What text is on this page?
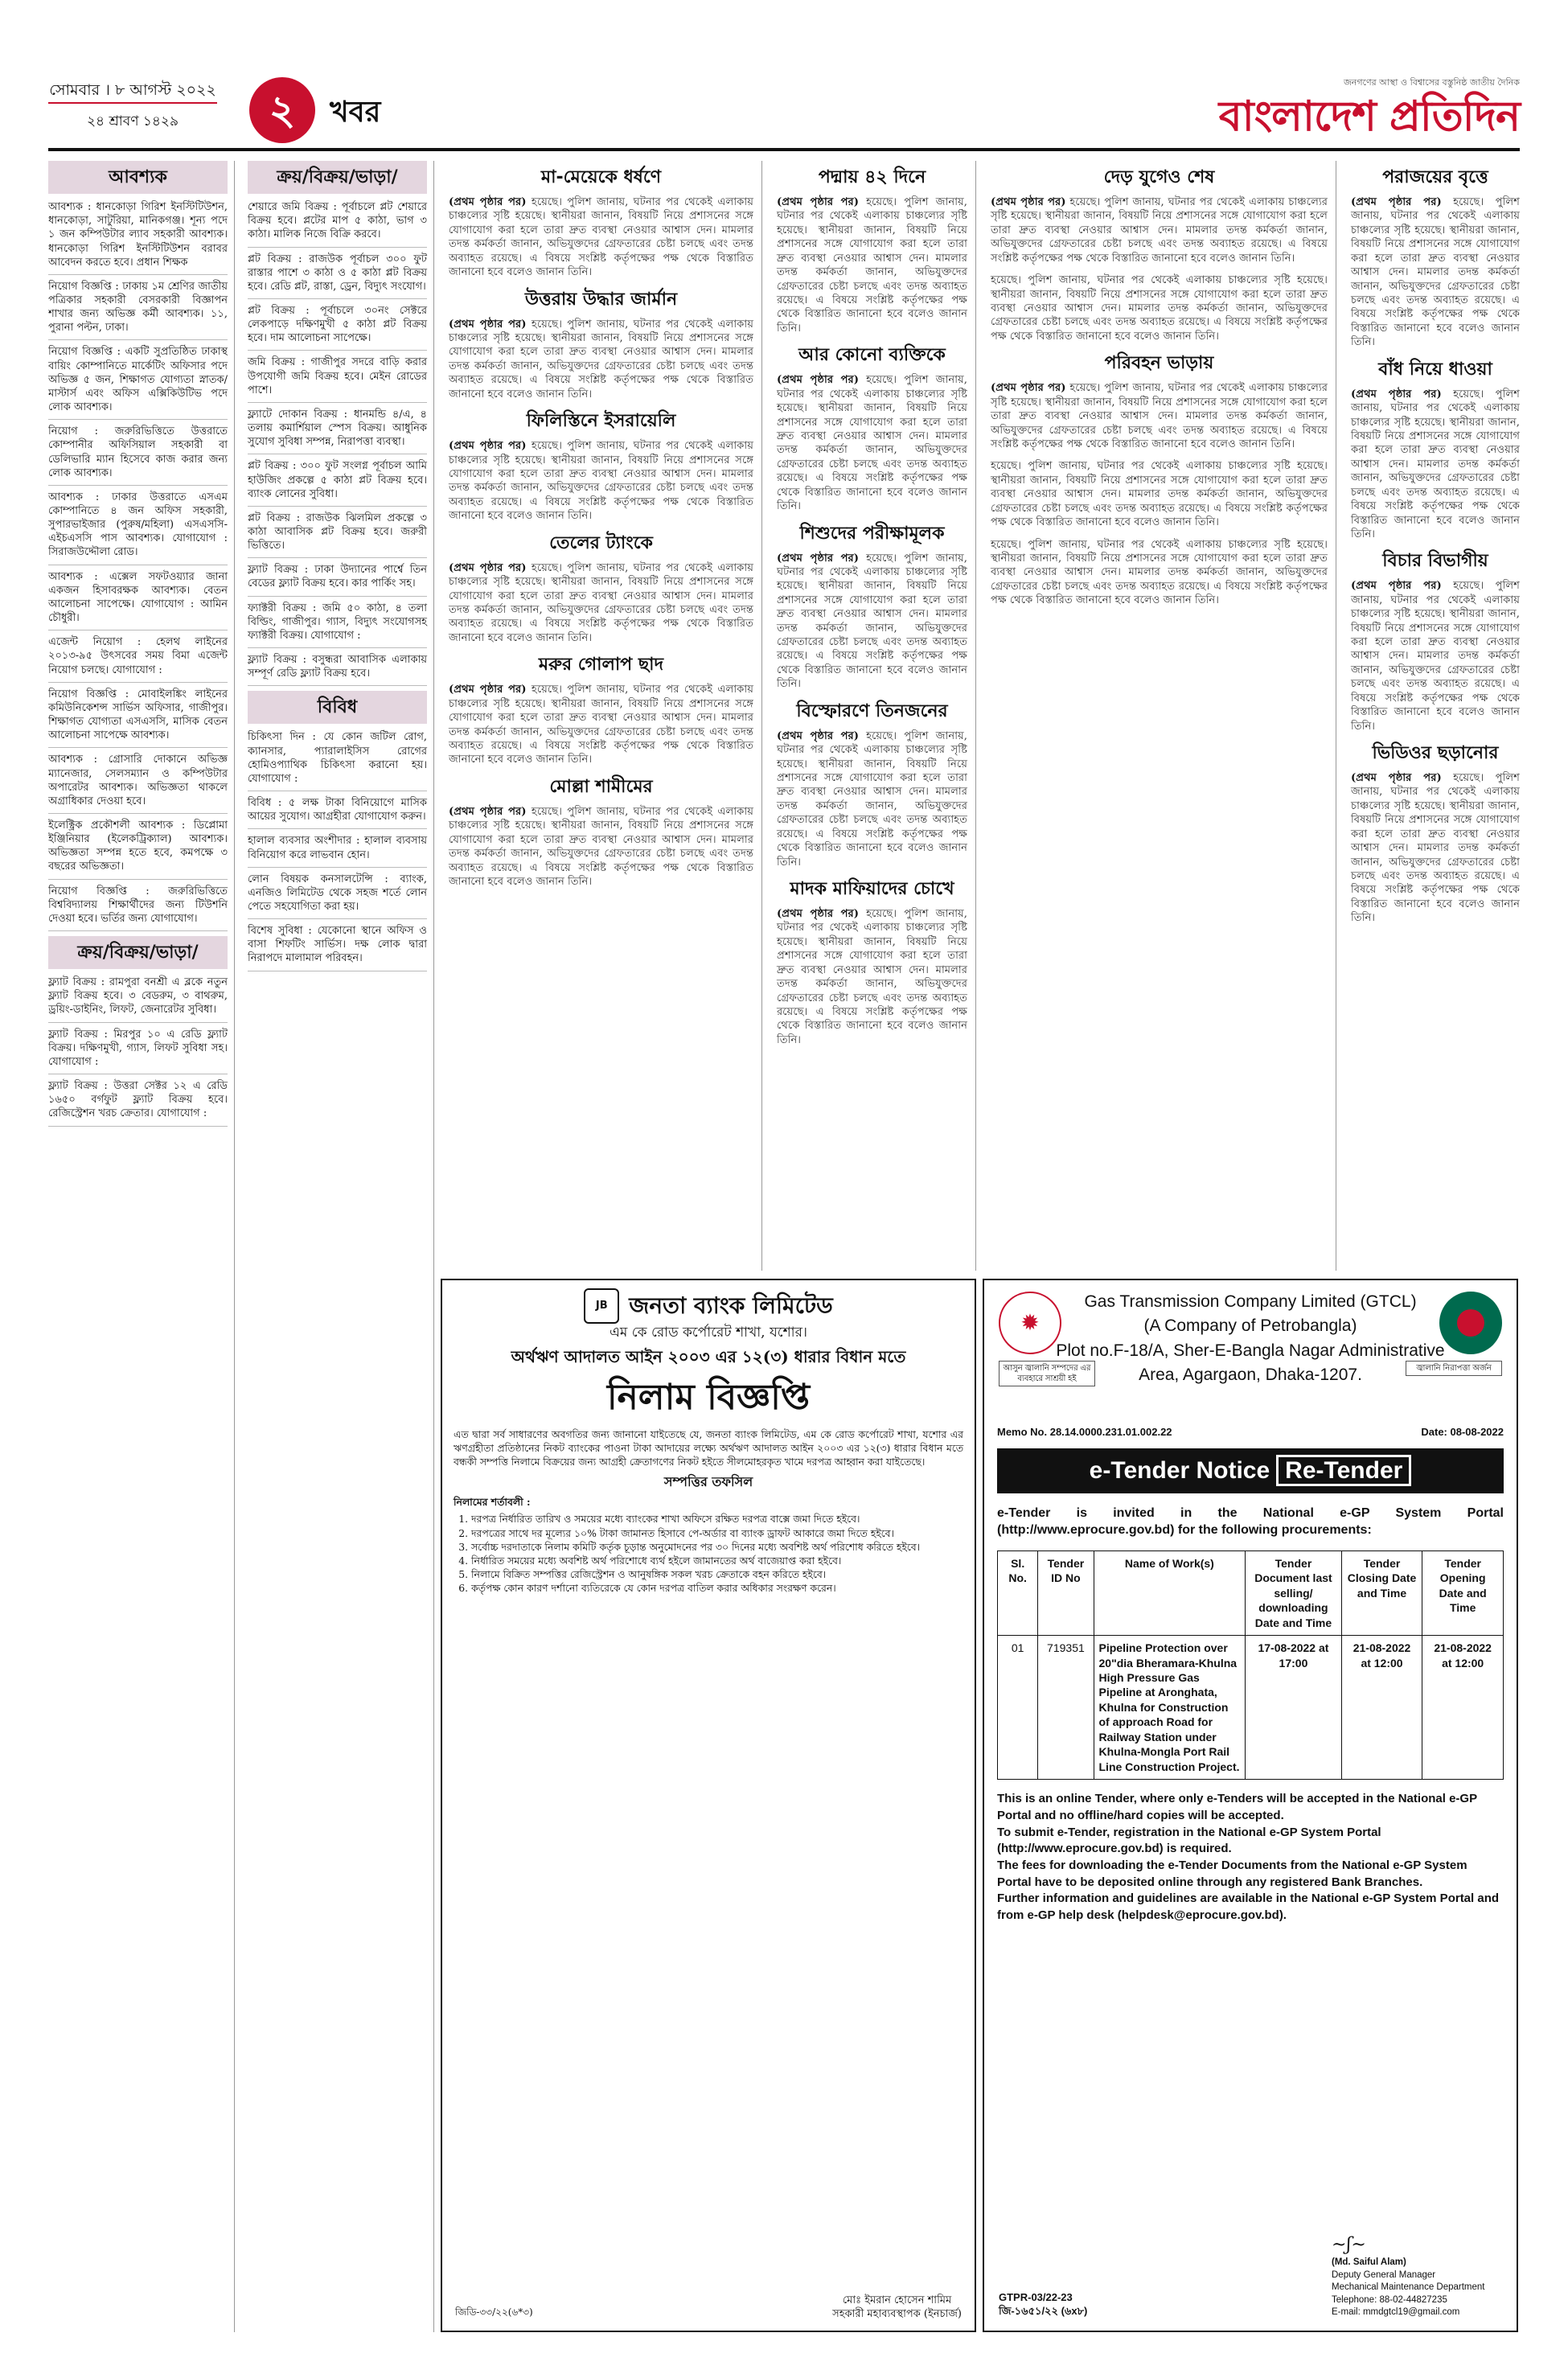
সোমবার । ৮ আগস্ট ২০২২
২৪ শ্রাবণ ১৪২৯	২	খবর
জনগণের আস্থা ও বিশ্বাসের বস্তুনিষ্ঠ জাতীয় দৈনিক
বাংলাদেশ প্রতিদিন
আবশ্যক
আবশ্যক : ধানকোড়া গিরিশ ইনস্টিটিউশন, ধানকোড়া, সাটুরিয়া, মানিকগঞ্জ। শূন্য পদে ১ জন কম্পিউটার ল্যাব সহকারী আবশ্যক। ধানকোড়া গিরিশ ইনস্টিটিউশন বরাবর আবেদন করতে হবে। প্রধান শিক্ষক
নিয়োগ বিজ্ঞপ্তি : ঢাকায় ১ম শ্রেণির জাতীয় পত্রিকার সহকারী বেসরকারী বিজ্ঞাপন শাখার জন্য অভিজ্ঞ কর্মী আবশ্যক। ১১, পুরানা পল্টন, ঢাকা।
নিয়োগ বিজ্ঞপ্তি : একটি সুপ্রতিষ্ঠিত ঢাকাস্থ বায়িং কোম্পানিতে মার্কেটিং অফিসার পদে অভিজ্ঞ ৫ জন, শিক্ষাগত যোগ্যতা স্নাতক/মাস্টার্স এবং অফিস এক্সিকিউটিভ পদে লোক আবশ্যক।
নিয়োগ : জরুরিভিত্তিতে উত্তরাতে কোম্পানীর অফিসিয়াল সহকারী বা ডেলিভারি ম্যান হিসেবে কাজ করার জন্য লোক আবশ্যক।
আবশ্যক : ঢাকার উত্তরাতে এসএম কোম্পানিতে ৪ জন অফিস সহকারী, সুপারভাইজার (পুরুষ/মহিলা) এসএসসি-এইচএসসি পাস আবশ্যক। যোগাযোগ : সিরাজউদ্দৌলা রোড।
আবশ্যক : এক্সেল সফটওয়্যার জানা একজন হিসাবরক্ষক আবশ্যক। বেতন আলোচনা সাপেক্ষে। যোগাযোগ : আমিন চৌধুরী।
এজেন্ট নিয়োগ : হেলথ লাইনের ২০১৩-৯৫ উৎসবের সময় বিমা এজেন্ট নিয়োগ চলছে। যোগাযোগ :
নিয়োগ বিজ্ঞপ্তি : মোবাইলঙ্কিং লাইনের কমিউনিকেশন্স সার্ভিস অফিসার, গাজীপুর। শিক্ষাগত যোগ্যতা এসএসসি, মাসিক বেতন আলোচনা সাপেক্ষে আবশ্যক।
আবশ্যক : গ্রোসারি দোকানে অভিজ্ঞ ম্যানেজার, সেলসম্যান ও কম্পিউটার অপারেটর আবশ্যক। অভিজ্ঞতা থাকলে অগ্রাধিকার দেওয়া হবে।
ইলেক্ট্রিক প্রকৌশলী আবশ্যক : ডিপ্লোমা ইঞ্জিনিয়ার (ইলেকট্রিক্যাল) আবশ্যক। অভিজ্ঞতা সম্পন্ন হতে হবে, কমপক্ষে ৩ বছরের অভিজ্ঞতা।
নিয়োগ বিজ্ঞপ্তি : জরুরিভিত্তিতে বিশ্ববিদ্যালয় শিক্ষার্থীদের জন্য টিউশনি দেওয়া হবে। ভর্তির জন্য যোগাযোগ।
ক্রয়/বিক্রয়/ভাড়া/
ফ্ল্যাট বিক্রয় : রামপুরা বনশ্রী এ ব্লকে নতুন ফ্ল্যাট বিক্রয় হবে। ৩ বেডরুম, ৩ বাথরুম, ড্রয়িং-ডাইনিং, লিফট, জেনারেটর সুবিধা।
ফ্ল্যাট বিক্রয় : মিরপুর ১০ এ রেডি ফ্ল্যাট বিক্রয়। দক্ষিণমুখী, গ্যাস, লিফট সুবিধা সহ। যোগাযোগ :
ফ্ল্যাট বিক্রয় : উত্তরা সেক্টর ১২ এ রেডি ১৬৫০ বর্গফুট ফ্ল্যাট বিক্রয় হবে। রেজিস্ট্রেশন খরচ ক্রেতার। যোগাযোগ :
ক্রয়/বিক্রয়/ভাড়া/
শেয়ারে জমি বিক্রয় : পূর্বাচলে প্লট শেয়ারে বিক্রয় হবে। প্লটের মাপ ৫ কাঠা, ভাগ ৩ কাঠা। মালিক নিজে বিক্রি করবে।
প্লট বিক্রয় : রাজউক পূর্বাচল ৩০০ ফুট রাস্তার পাশে ৩ কাঠা ও ৫ কাঠা প্লট বিক্রয় হবে। রেডি প্লট, রাস্তা, ড্রেন, বিদ্যুৎ সংযোগ।
প্লট বিক্রয় : পূর্বাচলে ৩০নং সেক্টরে লেকপাড়ে দক্ষিণমুখী ৫ কাঠা প্লট বিক্রয় হবে। দাম আলোচনা সাপেক্ষে।
জমি বিক্রয় : গাজীপুর সদরে বাড়ি করার উপযোগী জমি বিক্রয় হবে। মেইন রোডের পাশে।
ফ্ল্যাটে দোকান বিক্রয় : ধানমন্ডি ৪/এ, ৪ তলায় কমার্শিয়াল স্পেস বিক্রয়। আধুনিক সুযোগ সুবিধা সম্পন্ন, নিরাপত্তা ব্যবস্থা।
প্লট বিক্রয় : ৩০০ ফুট সংলগ্ন পূর্বাচল আমি হাউজিং প্রকল্পে ৫ কাঠা প্লট বিক্রয় হবে। ব্যাংক লোনের সুবিধা।
প্লট বিক্রয় : রাজউক ঝিলমিল প্রকল্পে ৩ কাঠা আবাসিক প্লট বিক্রয় হবে। জরুরী ভিত্তিতে।
ফ্ল্যাট বিক্রয় : ঢাকা উদ্যানের পার্শ্বে তিন বেডের ফ্ল্যাট বিক্রয় হবে। কার পার্কিং সহ।
ফ্যাক্টরী বিক্রয় : জমি ৫০ কাঠা, ৪ তলা বিল্ডিং, গাজীপুর। গ্যাস, বিদ্যুৎ সংযোগসহ ফ্যাক্টরী বিক্রয়। যোগাযোগ :
ফ্ল্যাট বিক্রয় : বসুন্ধরা আবাসিক এলাকায় সম্পূর্ণ রেডি ফ্ল্যাট বিক্রয় হবে।
বিবিধ
চিকিৎসা দিন : যে কোন জটিল রোগ, ক্যানসার, প্যারালাইসিস রোগের হোমিওপ্যাথিক চিকিৎসা করানো হয়। যোগাযোগ :
বিবিধ : ৫ লক্ষ টাকা বিনিয়োগে মাসিক আয়ের সুযোগ। আগ্রহীরা যোগাযোগ করুন।
হালাল ব্যবসার অংশীদার : হালাল ব্যবসায় বিনিয়োগ করে লাভবান হোন।
লোন বিষয়ক কনসালটেন্সি : ব্যাংক, এনজিও লিমিটেড থেকে সহজ শর্তে লোন পেতে সহযোগিতা করা হয়।
বিশেষ সুবিধা : যেকোনো স্থানে অফিস ও বাসা শিফটিং সার্ভিস। দক্ষ লোক দ্বারা নিরাপদে মালামাল পরিবহন।
মা-মেয়েকে ধর্ষণে
(প্রথম পৃষ্ঠার পর) হয়েছে। পুলিশ জানায়, ঘটনার পর থেকেই এলাকায় চাঞ্চল্যের সৃষ্টি হয়েছে। স্থানীয়রা জানান, বিষয়টি নিয়ে প্রশাসনের সঙ্গে যোগাযোগ করা হলে তারা দ্রুত ব্যবস্থা নেওয়ার আশ্বাস দেন। মামলার তদন্ত কর্মকর্তা জানান, অভিযুক্তদের গ্রেফতারের চেষ্টা চলছে এবং তদন্ত অব্যাহত রয়েছে। এ বিষয়ে সংশ্লিষ্ট কর্তৃপক্ষের পক্ষ থেকে বিস্তারিত জানানো হবে বলেও জানান তিনি।
উত্তরায় উদ্ধার জার্মান
(প্রথম পৃষ্ঠার পর) হয়েছে। পুলিশ জানায়, ঘটনার পর থেকেই এলাকায় চাঞ্চল্যের সৃষ্টি হয়েছে। স্থানীয়রা জানান, বিষয়টি নিয়ে প্রশাসনের সঙ্গে যোগাযোগ করা হলে তারা দ্রুত ব্যবস্থা নেওয়ার আশ্বাস দেন। মামলার তদন্ত কর্মকর্তা জানান, অভিযুক্তদের গ্রেফতারের চেষ্টা চলছে এবং তদন্ত অব্যাহত রয়েছে। এ বিষয়ে সংশ্লিষ্ট কর্তৃপক্ষের পক্ষ থেকে বিস্তারিত জানানো হবে বলেও জানান তিনি।
ফিলিস্তিনে ইসরায়েলি
(প্রথম পৃষ্ঠার পর) হয়েছে। পুলিশ জানায়, ঘটনার পর থেকেই এলাকায় চাঞ্চল্যের সৃষ্টি হয়েছে। স্থানীয়রা জানান, বিষয়টি নিয়ে প্রশাসনের সঙ্গে যোগাযোগ করা হলে তারা দ্রুত ব্যবস্থা নেওয়ার আশ্বাস দেন। মামলার তদন্ত কর্মকর্তা জানান, অভিযুক্তদের গ্রেফতারের চেষ্টা চলছে এবং তদন্ত অব্যাহত রয়েছে। এ বিষয়ে সংশ্লিষ্ট কর্তৃপক্ষের পক্ষ থেকে বিস্তারিত জানানো হবে বলেও জানান তিনি।
তেলের ট্যাংকে
(প্রথম পৃষ্ঠার পর) হয়েছে। পুলিশ জানায়, ঘটনার পর থেকেই এলাকায় চাঞ্চল্যের সৃষ্টি হয়েছে। স্থানীয়রা জানান, বিষয়টি নিয়ে প্রশাসনের সঙ্গে যোগাযোগ করা হলে তারা দ্রুত ব্যবস্থা নেওয়ার আশ্বাস দেন। মামলার তদন্ত কর্মকর্তা জানান, অভিযুক্তদের গ্রেফতারের চেষ্টা চলছে এবং তদন্ত অব্যাহত রয়েছে। এ বিষয়ে সংশ্লিষ্ট কর্তৃপক্ষের পক্ষ থেকে বিস্তারিত জানানো হবে বলেও জানান তিনি।
মরুর গোলাপ ছাদ
(প্রথম পৃষ্ঠার পর) হয়েছে। পুলিশ জানায়, ঘটনার পর থেকেই এলাকায় চাঞ্চল্যের সৃষ্টি হয়েছে। স্থানীয়রা জানান, বিষয়টি নিয়ে প্রশাসনের সঙ্গে যোগাযোগ করা হলে তারা দ্রুত ব্যবস্থা নেওয়ার আশ্বাস দেন। মামলার তদন্ত কর্মকর্তা জানান, অভিযুক্তদের গ্রেফতারের চেষ্টা চলছে এবং তদন্ত অব্যাহত রয়েছে। এ বিষয়ে সংশ্লিষ্ট কর্তৃপক্ষের পক্ষ থেকে বিস্তারিত জানানো হবে বলেও জানান তিনি।
মোল্লা শামীমের
(প্রথম পৃষ্ঠার পর) হয়েছে। পুলিশ জানায়, ঘটনার পর থেকেই এলাকায় চাঞ্চল্যের সৃষ্টি হয়েছে। স্থানীয়রা জানান, বিষয়টি নিয়ে প্রশাসনের সঙ্গে যোগাযোগ করা হলে তারা দ্রুত ব্যবস্থা নেওয়ার আশ্বাস দেন। মামলার তদন্ত কর্মকর্তা জানান, অভিযুক্তদের গ্রেফতারের চেষ্টা চলছে এবং তদন্ত অব্যাহত রয়েছে। এ বিষয়ে সংশ্লিষ্ট কর্তৃপক্ষের পক্ষ থেকে বিস্তারিত জানানো হবে বলেও জানান তিনি।
পদ্মায় ৪২ দিনে
(প্রথম পৃষ্ঠার পর) হয়েছে। পুলিশ জানায়, ঘটনার পর থেকেই এলাকায় চাঞ্চল্যের সৃষ্টি হয়েছে। স্থানীয়রা জানান, বিষয়টি নিয়ে প্রশাসনের সঙ্গে যোগাযোগ করা হলে তারা দ্রুত ব্যবস্থা নেওয়ার আশ্বাস দেন। মামলার তদন্ত কর্মকর্তা জানান, অভিযুক্তদের গ্রেফতারের চেষ্টা চলছে এবং তদন্ত অব্যাহত রয়েছে। এ বিষয়ে সংশ্লিষ্ট কর্তৃপক্ষের পক্ষ থেকে বিস্তারিত জানানো হবে বলেও জানান তিনি।
আর কোনো ব্যক্তিকে
(প্রথম পৃষ্ঠার পর) হয়েছে। পুলিশ জানায়, ঘটনার পর থেকেই এলাকায় চাঞ্চল্যের সৃষ্টি হয়েছে। স্থানীয়রা জানান, বিষয়টি নিয়ে প্রশাসনের সঙ্গে যোগাযোগ করা হলে তারা দ্রুত ব্যবস্থা নেওয়ার আশ্বাস দেন। মামলার তদন্ত কর্মকর্তা জানান, অভিযুক্তদের গ্রেফতারের চেষ্টা চলছে এবং তদন্ত অব্যাহত রয়েছে। এ বিষয়ে সংশ্লিষ্ট কর্তৃপক্ষের পক্ষ থেকে বিস্তারিত জানানো হবে বলেও জানান তিনি।
শিশুদের পরীক্ষামূলক
(প্রথম পৃষ্ঠার পর) হয়েছে। পুলিশ জানায়, ঘটনার পর থেকেই এলাকায় চাঞ্চল্যের সৃষ্টি হয়েছে। স্থানীয়রা জানান, বিষয়টি নিয়ে প্রশাসনের সঙ্গে যোগাযোগ করা হলে তারা দ্রুত ব্যবস্থা নেওয়ার আশ্বাস দেন। মামলার তদন্ত কর্মকর্তা জানান, অভিযুক্তদের গ্রেফতারের চেষ্টা চলছে এবং তদন্ত অব্যাহত রয়েছে। এ বিষয়ে সংশ্লিষ্ট কর্তৃপক্ষের পক্ষ থেকে বিস্তারিত জানানো হবে বলেও জানান তিনি।
বিস্ফোরণে তিনজনের
(প্রথম পৃষ্ঠার পর) হয়েছে। পুলিশ জানায়, ঘটনার পর থেকেই এলাকায় চাঞ্চল্যের সৃষ্টি হয়েছে। স্থানীয়রা জানান, বিষয়টি নিয়ে প্রশাসনের সঙ্গে যোগাযোগ করা হলে তারা দ্রুত ব্যবস্থা নেওয়ার আশ্বাস দেন। মামলার তদন্ত কর্মকর্তা জানান, অভিযুক্তদের গ্রেফতারের চেষ্টা চলছে এবং তদন্ত অব্যাহত রয়েছে। এ বিষয়ে সংশ্লিষ্ট কর্তৃপক্ষের পক্ষ থেকে বিস্তারিত জানানো হবে বলেও জানান তিনি।
মাদক মাফিয়াদের চোখে
(প্রথম পৃষ্ঠার পর) হয়েছে। পুলিশ জানায়, ঘটনার পর থেকেই এলাকায় চাঞ্চল্যের সৃষ্টি হয়েছে। স্থানীয়রা জানান, বিষয়টি নিয়ে প্রশাসনের সঙ্গে যোগাযোগ করা হলে তারা দ্রুত ব্যবস্থা নেওয়ার আশ্বাস দেন। মামলার তদন্ত কর্মকর্তা জানান, অভিযুক্তদের গ্রেফতারের চেষ্টা চলছে এবং তদন্ত অব্যাহত রয়েছে। এ বিষয়ে সংশ্লিষ্ট কর্তৃপক্ষের পক্ষ থেকে বিস্তারিত জানানো হবে বলেও জানান তিনি।
দেড় যুগেও শেষ
(প্রথম পৃষ্ঠার পর) হয়েছে। পুলিশ জানায়, ঘটনার পর থেকেই এলাকায় চাঞ্চল্যের সৃষ্টি হয়েছে। স্থানীয়রা জানান, বিষয়টি নিয়ে প্রশাসনের সঙ্গে যোগাযোগ করা হলে তারা দ্রুত ব্যবস্থা নেওয়ার আশ্বাস দেন। মামলার তদন্ত কর্মকর্তা জানান, অভিযুক্তদের গ্রেফতারের চেষ্টা চলছে এবং তদন্ত অব্যাহত রয়েছে। এ বিষয়ে সংশ্লিষ্ট কর্তৃপক্ষের পক্ষ থেকে বিস্তারিত জানানো হবে বলেও জানান তিনি।
হয়েছে। পুলিশ জানায়, ঘটনার পর থেকেই এলাকায় চাঞ্চল্যের সৃষ্টি হয়েছে। স্থানীয়রা জানান, বিষয়টি নিয়ে প্রশাসনের সঙ্গে যোগাযোগ করা হলে তারা দ্রুত ব্যবস্থা নেওয়ার আশ্বাস দেন। মামলার তদন্ত কর্মকর্তা জানান, অভিযুক্তদের গ্রেফতারের চেষ্টা চলছে এবং তদন্ত অব্যাহত রয়েছে। এ বিষয়ে সংশ্লিষ্ট কর্তৃপক্ষের পক্ষ থেকে বিস্তারিত জানানো হবে বলেও জানান তিনি।
পরিবহন ভাড়ায়
(প্রথম পৃষ্ঠার পর) হয়েছে। পুলিশ জানায়, ঘটনার পর থেকেই এলাকায় চাঞ্চল্যের সৃষ্টি হয়েছে। স্থানীয়রা জানান, বিষয়টি নিয়ে প্রশাসনের সঙ্গে যোগাযোগ করা হলে তারা দ্রুত ব্যবস্থা নেওয়ার আশ্বাস দেন। মামলার তদন্ত কর্মকর্তা জানান, অভিযুক্তদের গ্রেফতারের চেষ্টা চলছে এবং তদন্ত অব্যাহত রয়েছে। এ বিষয়ে সংশ্লিষ্ট কর্তৃপক্ষের পক্ষ থেকে বিস্তারিত জানানো হবে বলেও জানান তিনি।
হয়েছে। পুলিশ জানায়, ঘটনার পর থেকেই এলাকায় চাঞ্চল্যের সৃষ্টি হয়েছে। স্থানীয়রা জানান, বিষয়টি নিয়ে প্রশাসনের সঙ্গে যোগাযোগ করা হলে তারা দ্রুত ব্যবস্থা নেওয়ার আশ্বাস দেন। মামলার তদন্ত কর্মকর্তা জানান, অভিযুক্তদের গ্রেফতারের চেষ্টা চলছে এবং তদন্ত অব্যাহত রয়েছে। এ বিষয়ে সংশ্লিষ্ট কর্তৃপক্ষের পক্ষ থেকে বিস্তারিত জানানো হবে বলেও জানান তিনি।
হয়েছে। পুলিশ জানায়, ঘটনার পর থেকেই এলাকায় চাঞ্চল্যের সৃষ্টি হয়েছে। স্থানীয়রা জানান, বিষয়টি নিয়ে প্রশাসনের সঙ্গে যোগাযোগ করা হলে তারা দ্রুত ব্যবস্থা নেওয়ার আশ্বাস দেন। মামলার তদন্ত কর্মকর্তা জানান, অভিযুক্তদের গ্রেফতারের চেষ্টা চলছে এবং তদন্ত অব্যাহত রয়েছে। এ বিষয়ে সংশ্লিষ্ট কর্তৃপক্ষের পক্ষ থেকে বিস্তারিত জানানো হবে বলেও জানান তিনি।
পরাজয়ের বৃত্তে
(প্রথম পৃষ্ঠার পর) হয়েছে। পুলিশ জানায়, ঘটনার পর থেকেই এলাকায় চাঞ্চল্যের সৃষ্টি হয়েছে। স্থানীয়রা জানান, বিষয়টি নিয়ে প্রশাসনের সঙ্গে যোগাযোগ করা হলে তারা দ্রুত ব্যবস্থা নেওয়ার আশ্বাস দেন। মামলার তদন্ত কর্মকর্তা জানান, অভিযুক্তদের গ্রেফতারের চেষ্টা চলছে এবং তদন্ত অব্যাহত রয়েছে। এ বিষয়ে সংশ্লিষ্ট কর্তৃপক্ষের পক্ষ থেকে বিস্তারিত জানানো হবে বলেও জানান তিনি।
বাঁধ নিয়ে ধাওয়া
(প্রথম পৃষ্ঠার পর) হয়েছে। পুলিশ জানায়, ঘটনার পর থেকেই এলাকায় চাঞ্চল্যের সৃষ্টি হয়েছে। স্থানীয়রা জানান, বিষয়টি নিয়ে প্রশাসনের সঙ্গে যোগাযোগ করা হলে তারা দ্রুত ব্যবস্থা নেওয়ার আশ্বাস দেন। মামলার তদন্ত কর্মকর্তা জানান, অভিযুক্তদের গ্রেফতারের চেষ্টা চলছে এবং তদন্ত অব্যাহত রয়েছে। এ বিষয়ে সংশ্লিষ্ট কর্তৃপক্ষের পক্ষ থেকে বিস্তারিত জানানো হবে বলেও জানান তিনি।
বিচার বিভাগীয়
(প্রথম পৃষ্ঠার পর) হয়েছে। পুলিশ জানায়, ঘটনার পর থেকেই এলাকায় চাঞ্চল্যের সৃষ্টি হয়েছে। স্থানীয়রা জানান, বিষয়টি নিয়ে প্রশাসনের সঙ্গে যোগাযোগ করা হলে তারা দ্রুত ব্যবস্থা নেওয়ার আশ্বাস দেন। মামলার তদন্ত কর্মকর্তা জানান, অভিযুক্তদের গ্রেফতারের চেষ্টা চলছে এবং তদন্ত অব্যাহত রয়েছে। এ বিষয়ে সংশ্লিষ্ট কর্তৃপক্ষের পক্ষ থেকে বিস্তারিত জানানো হবে বলেও জানান তিনি।
ভিডিওর ছড়ানোর
(প্রথম পৃষ্ঠার পর) হয়েছে। পুলিশ জানায়, ঘটনার পর থেকেই এলাকায় চাঞ্চল্যের সৃষ্টি হয়েছে। স্থানীয়রা জানান, বিষয়টি নিয়ে প্রশাসনের সঙ্গে যোগাযোগ করা হলে তারা দ্রুত ব্যবস্থা নেওয়ার আশ্বাস দেন। মামলার তদন্ত কর্মকর্তা জানান, অভিযুক্তদের গ্রেফতারের চেষ্টা চলছে এবং তদন্ত অব্যাহত রয়েছে। এ বিষয়ে সংশ্লিষ্ট কর্তৃপক্ষের পক্ষ থেকে বিস্তারিত জানানো হবে বলেও জানান তিনি।
JB জনতা ব্যাংক লিমিটেড
এম কে রোড কর্পোরেট শাখা, যশোর।
অর্থঋণ আদালত আইন ২০০৩ এর ১২(৩) ধারার বিধান মতে
নিলাম বিজ্ঞপ্তি
এত দ্বারা সর্ব সাধারণের অবগতির জন্য জানানো যাইতেছে যে, জনতা ব্যাংক লিমিটেড, এম কে রোড কর্পোরেট শাখা, যশোর এর ঋণগ্রহীতা প্রতিষ্ঠানের নিকট ব্যাংকের পাওনা টাকা আদায়ের লক্ষ্যে অর্থঋণ আদালত আইন ২০০৩ এর ১২(৩) ধারার বিধান মতে বন্ধকী সম্পত্তি নিলামে বিক্রয়ের জন্য আগ্রহী ক্রেতাগণের নিকট হইতে সীলমোহরকৃত খামে দরপত্র আহ্বান করা যাইতেছে।
সম্পত্তির তফসিল
নিলামের শর্তাবলী :
1. দরপত্র নির্ধারিত তারিখ ও সময়ের মধ্যে ব্যাংকের শাখা অফিসে রক্ষিত দরপত্র বাক্সে জমা দিতে হইবে।
2. দরপত্রের সাথে দর মূল্যের ১০% টাকা জামানত হিসাবে পে-অর্ডার বা ব্যাংক ড্রাফট আকারে জমা দিতে হইবে।
3. সর্বোচ্চ দরদাতাকে নিলাম কমিটি কর্তৃক চূড়ান্ত অনুমোদনের পর ৩০ দিনের মধ্যে অবশিষ্ট অর্থ পরিশোধ করিতে হইবে।
4. নির্ধারিত সময়ের মধ্যে অবশিষ্ট অর্থ পরিশোধে ব্যর্থ হইলে জামানতের অর্থ বাজেয়াপ্ত করা হইবে।
5. নিলামে বিক্রিত সম্পত্তির রেজিস্ট্রেশন ও আনুষঙ্গিক সকল খরচ ক্রেতাকে বহন করিতে হইবে।
6. কর্তৃপক্ষ কোন কারণ দর্শানো ব্যতিরেকে যে কোন দরপত্র বাতিল করার অধিকার সংরক্ষণ করেন।
জিডি-৩৩/২২(৬*৩)
মোঃ ইমরান হোসেন শামিম
সহকারী মহাব্যবস্থাপক (ইনচার্জ)
✹
Gas Transmission Company Limited (GTCL)
(A Company of Petrobangla)
Plot no.F-18/A, Sher-E-Bangla Nagar Administrative
Area, Agargaon, Dhaka-1207.
আসুন জ্বালানি সম্পদের এর ব্যবহারে সাশ্রয়ী হই
জ্বালানি নিরাপত্তা অর্জন
Memo No. 28.14.0000.231.01.002.22	Date: 08-08-2022
e-Tender Notice Re-Tender
e-Tender is invited in the National e-GP System Portal (http://www.eprocure.gov.bd) for the following procurements:
Sl. No.	Tender ID No	Name of Work(s)	Tender Document last selling/ downloading Date and Time	Tender Closing Date and Time	Tender Opening Date and Time
01	719351	Pipeline Protection over 20"dia Bheramara-Khulna High Pressure Gas Pipeline at Aronghata, Khulna for Construction of approach Road for Railway Station under Khulna-Mongla Port Rail Line Construction Project.	17-08-2022 at 17:00	21-08-2022 at 12:00	21-08-2022 at 12:00
This is an online Tender, where only e-Tenders will be accepted in the National e-GP Portal and no offline/hard copies will be accepted.
To submit e-Tender, registration in the National e-GP System Portal (http://www.eprocure.gov.bd) is required.
The fees for downloading the e-Tender Documents from the National e-GP System Portal have to be deposited online through any registered Bank Branches.
Further information and guidelines are available in the National e-GP System Portal and from e-GP help desk (helpdesk@eprocure.gov.bd).
GTPR-03/22-23
জি-১৬৫১/২২ (৬x৮)
~ʃ~
(Md. Saiful Alam)
Deputy General Manager
Mechanical Maintenance Department
Telephone: 88-02-44827235
E-mail: mmdgtcl19@gmail.com
